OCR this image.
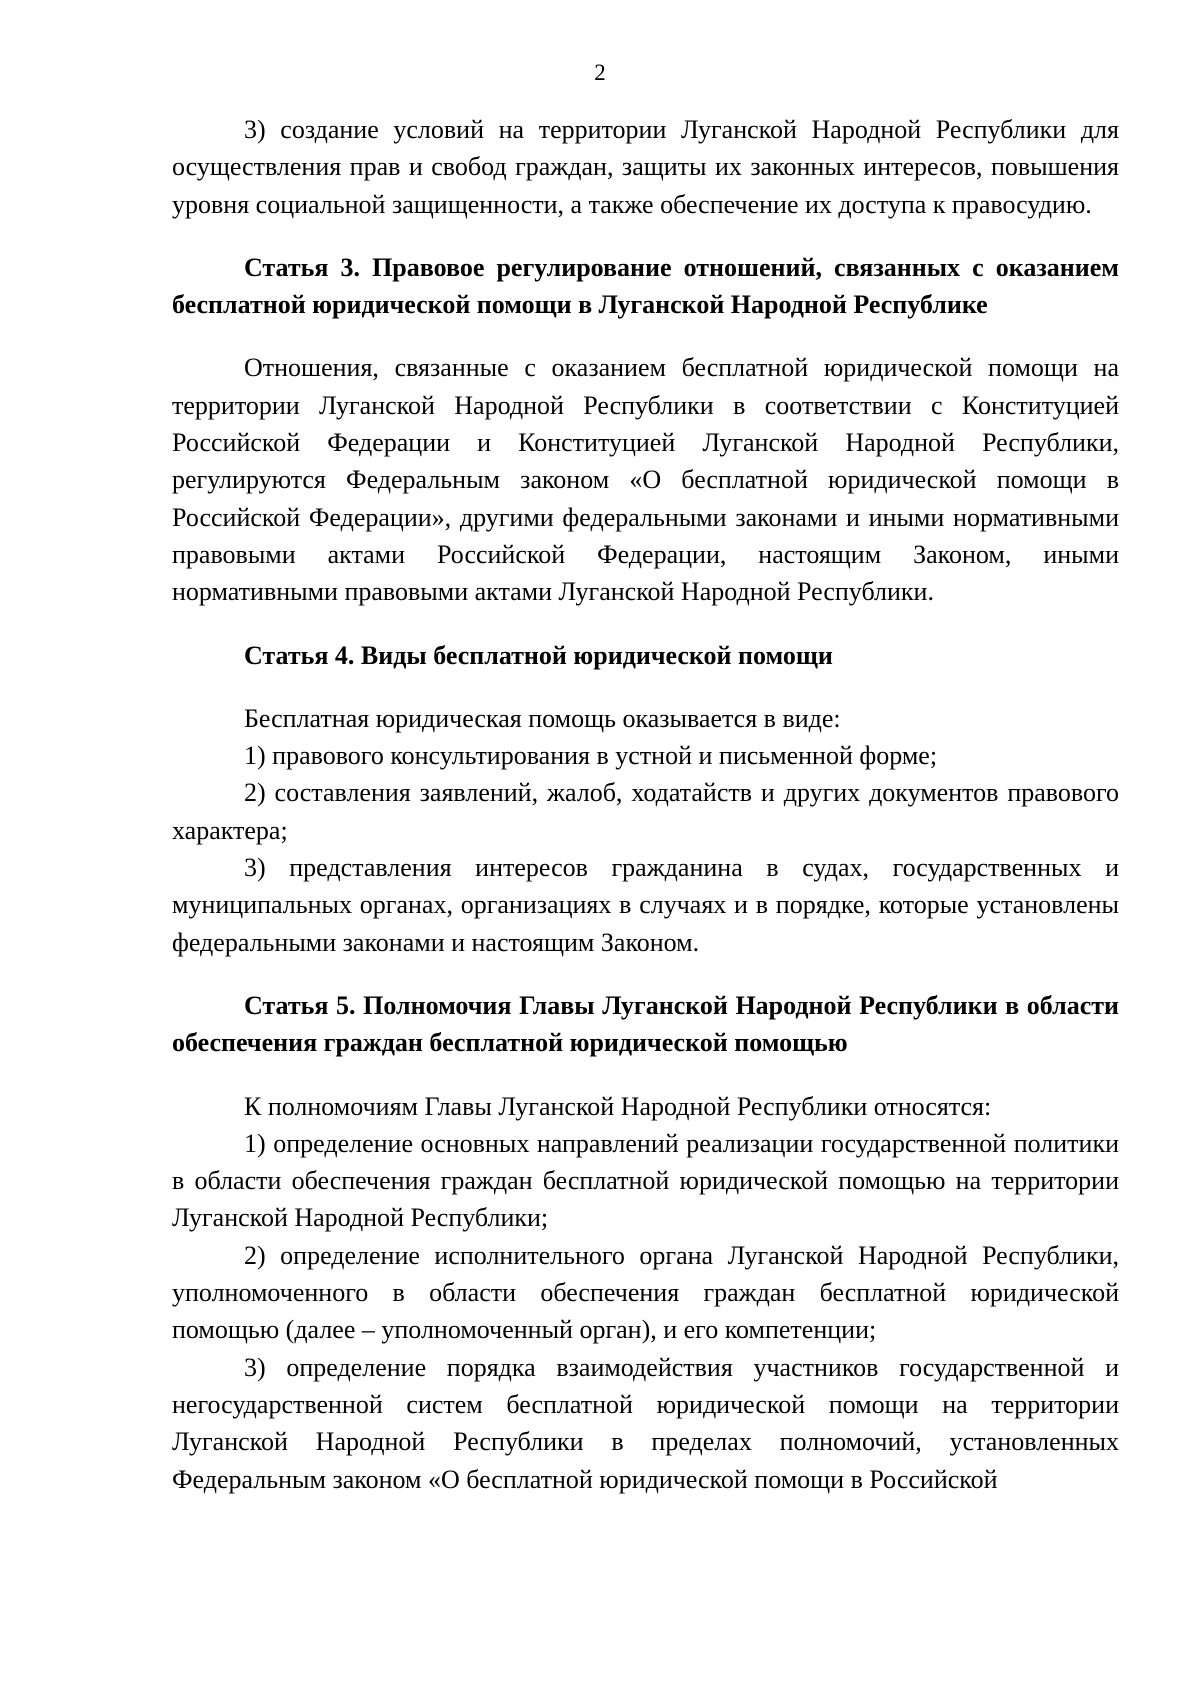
2

3) создание условий на территории Луганской Народной Республики для осуществления прав и свобод граждан, защиты их законных интересов, повышения уровня социальной защищенности, а также обеспечение их доступа к правосудию.

Статья 3. Правовое регулирование отношений, связанных с оказанием бесплатной юридической помощи в Луганской Народной Республике

Отношения, связанные с оказанием бесплатной юридической помощи на территории Луганской Народной Республики в соответствии с Конституцией Российской Федерации и Конституцией Луганской Народной Республики, регулируются Федеральным законом «О бесплатной юридической помощи в Российской Федерации», другими федеральными законами и иными нормативными правовыми актами Российской Федерации, настоящим Законом, иными нормативными правовыми актами Луганской Народной Республики.

Статья 4. Виды бесплатной юридической помощи

Бесплатная юридическая помощь оказывается в виде:

1) правового консультирования в устной и письменной форме;

2) составления заявлений, жалоб, ходатайств и других документов правового характера;

3) представления интересов гражданина в судах, государственных и муниципальных органах, организациях в случаях и в порядке, которые установлены федеральными законами и настоящим Законом.

Статья 5. Полномочия Главы Луганской Народной Республики в области обеспечения граждан бесплатной юридической помощью

К полномочиям Главы Луганской Народной Республики относятся:

1) определение основных направлений реализации государственной политики в области обеспечения граждан бесплатной юридической помощью на территории Луганской Народной Республики;

2) определение исполнительного органа Луганской Народной Республики, уполномоченного в области обеспечения граждан бесплатной юридической помощью (далее – уполномоченный орган), и его компетенции;

3) определение порядка взаимодействия участников государственной и негосударственной систем бесплатной юридической помощи на территории Луганской Народной Республики в пределах полномочий, установленных Федеральным законом «О бесплатной юридической помощи в Российской
